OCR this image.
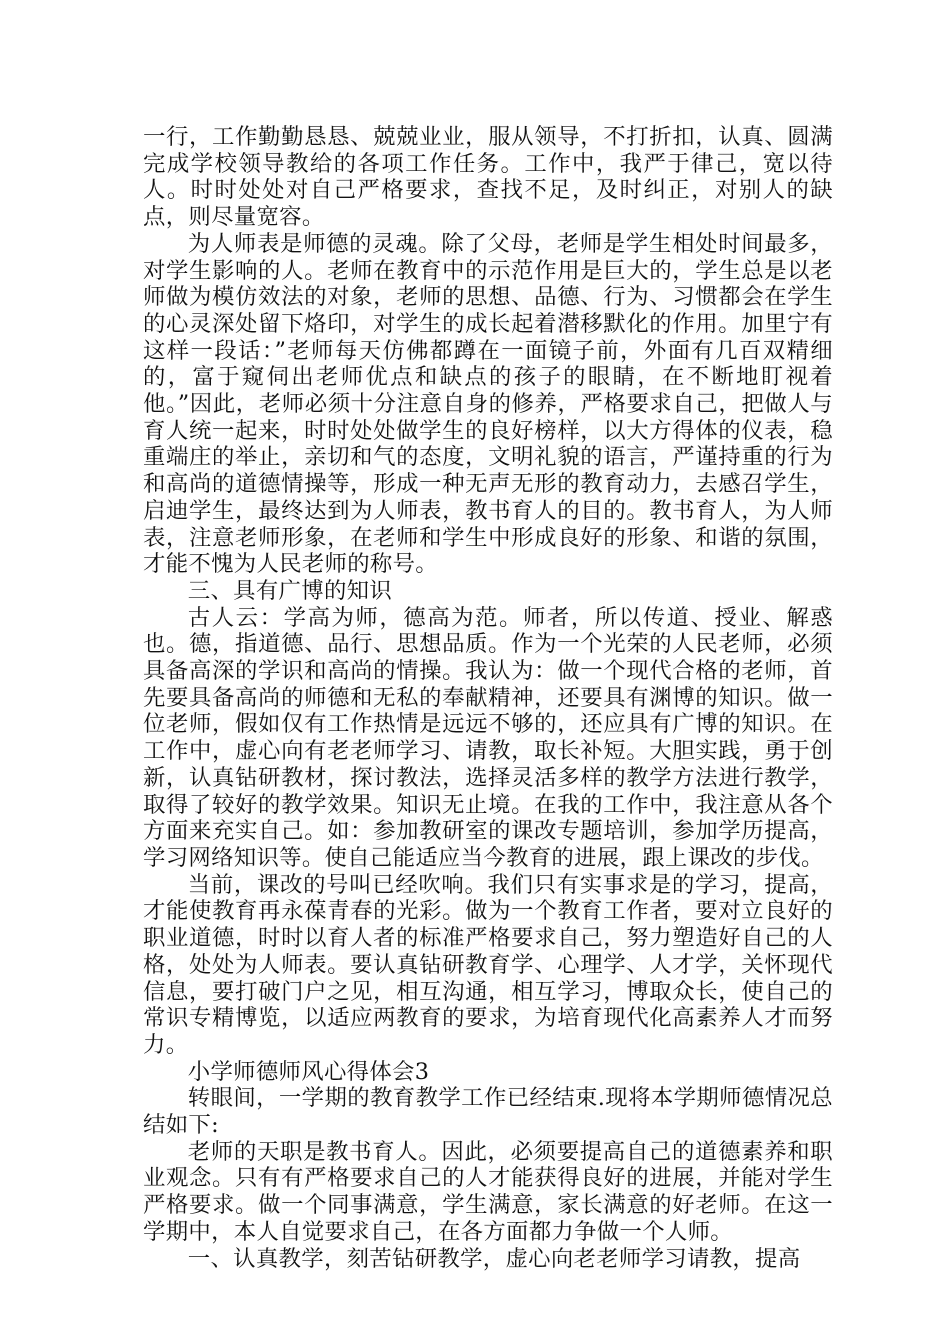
一行，工作勤勤恳恳、兢兢业业，服从领导，不打折扣，认真、圆满完成学校领导教给的各项工作任务。工作中，我严于律己，宽以待人。时时处处对自己严格要求，查找不足，及时纠正，对别人的缺点，则尽量宽容。

为人师表是师德的灵魂。除了父母，老师是学生相处时间最多，对学生影响的人。老师在教育中的示范作用是巨大的，学生总是以老师做为模仿效法的对象，老师的思想、品德、行为、习惯都会在学生的心灵深处留下烙印，对学生的成长起着潜移默化的作用。加里宁有这样一段话：”老师每天仿佛都蹲在一面镜子前，外面有几百双精细的，富于窥伺出老师优点和缺点的孩子的眼睛，在不断地盯视着他。”因此，老师必须十分注意自身的修养，严格要求自己，把做人与育人统一起来，时时处处做学生的良好榜样，以大方得体的仪表，稳重端庄的举止，亲切和气的态度，文明礼貌的语言，严谨持重的行为和高尚的道德情操等，形成一种无声无形的教育动力，去感召学生，启迪学生，最终达到为人师表，教书育人的目的。教书育人，为人师表，注意老师形象，在老师和学生中形成良好的形象、和谐的氛围，才能不愧为人民老师的称号。

三、具有广博的知识

古人云：学高为师，德高为范。师者，所以传道、授业、解惑也。德，指道德、品行、思想品质。作为一个光荣的人民老师，必须具备高深的学识和高尚的情操。我认为：做一个现代合格的老师，首先要具备高尚的师德和无私的奉献精神，还要具有渊博的知识。做一位老师，假如仅有工作热情是远远不够的，还应具有广博的知识。在工作中，虚心向有老老师学习、请教，取长补短。大胆实践，勇于创新，认真钻研教材，探讨教法，选择灵活多样的教学方法进行教学，取得了较好的教学效果。知识无止境。在我的工作中，我注意从各个方面来充实自己。如：参加教研室的课改专题培训，参加学历提高，学习网络知识等。使自己能适应当今教育的进展，跟上课改的步伐。

当前，课改的号叫已经吹响。我们只有实事求是的学习，提高，才能使教育再永葆青春的光彩。做为一个教育工作者，要对立良好的职业道德，时时以育人者的标准严格要求自己，努力塑造好自己的人格，处处为人师表。要认真钻研教育学、心理学、人才学，关怀现代信息，要打破门户之见，相互沟通，相互学习，博取众长，使自己的常识专精博览，以适应两教育的要求，为培育现代化高素养人才而努力。

小学师德师风心得体会3

转眼间，一学期的教育教学工作已经结束.现将本学期师德情况总结如下:

老师的天职是教书育人。因此，必须要提高自己的道德素养和职业观念。只有有严格要求自己的人才能获得良好的进展，并能对学生严格要求。做一个同事满意，学生满意，家长满意的好老师。在这一学期中，本人自觉要求自己，在各方面都力争做一个人师。

一、认真教学，刻苦钻研教学，虚心向老老师学习请教，提高
